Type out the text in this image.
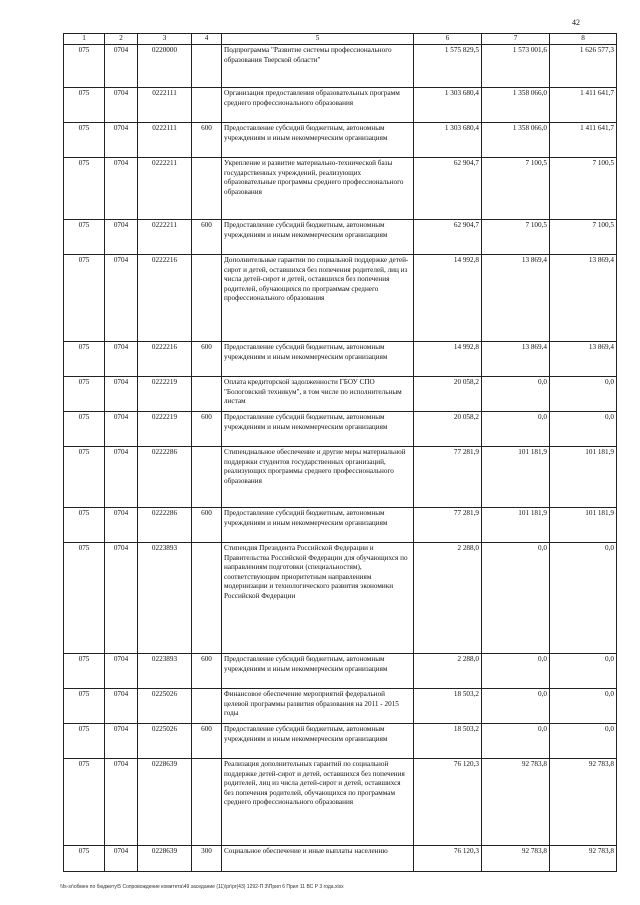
42
1	2	3	4	5	6	7	8
075	0704	0220000		Подпрограмма "Развитие системы профессионального образования Тверской области"	1 575 829,5	1 573 001,6	1 626 577,3
075	0704	0222111		Организация предоставления образовательных программ среднего профессионального образования	1 303 680,4	1 358 066,0	1 411 641,7
075	0704	0222111	600	Предоставление субсидий бюджетным, автономным учреждениям и иным некоммерческим организациям	1 303 680,4	1 358 066,0	1 411 641,7
075	0704	0222211		Укрепление и развитие материально-технической базы государственных учреждений, реализующих образовательные программы среднего профессионального образования	62 904,7	7 100,5	7 100,5
075	0704	0222211	600	Предоставление субсидий бюджетным, автономным учреждениям и иным некоммерческим организациям	62 904,7	7 100,5	7 100,5
075	0704	0222216		Дополнительные гарантии по социальной поддержке детей-сирот и детей, оставшихся без попечения родителей, лиц из числа детей-сирот и детей, оставшихся без попечения родителей, обучающихся по программам среднего профессионального образования	14 992,8	13 869,4	13 869,4
075	0704	0222216	600	Предоставление субсидий бюджетным, автономным учреждениям и иным некоммерческим организациям	14 992,8	13 869,4	13 869,4
075	0704	0222219		Оплата кредиторской задолженности ГБОУ СПО "Бологовский техникум", в том числе по исполнительным листам	20 058,2	0,0	0,0
075	0704	0222219	600	Предоставление субсидий бюджетным, автономным учреждениям и иным некоммерческим организациям	20 058,2	0,0	0,0
075	0704	0222286		Стипендиальное обеспечение и другие меры материальной поддержки студентов государственных организаций, реализующих программы среднего профессионального образования	77 281,9	101 181,9	101 181,9
075	0704	0222286	600	Предоставление субсидий бюджетным, автономным учреждениям и иным некоммерческим организациям	77 281,9	101 181,9	101 181,9
075	0704	0223893		Стипендия Президента Российской Федерации и Правительства Российской Федерации для обучающихся по направлениям подготовки (специальностям), соответствующим приоритетным направлениям модернизации и технологического развития экономики Российской Федерации	2 288,0	0,0	0,0
075	0704	0223893	600	Предоставление субсидий бюджетным, автономным учреждениям и иным некоммерческим организациям	2 288,0	0,0	0,0
075	0704	0225026		Финансовое обеспечение мероприятий федеральной целевой программы развития образования на 2011 - 2015 годы	18 503,2	0,0	0,0
075	0704	0225026	600	Предоставление субсидий бюджетным, автономным учреждениям и иным некоммерческим организациям	18 503,2	0,0	0,0
075	0704	0228639		Реализация дополнительных гарантий по социальной поддержке детей-сирот и детей, оставшихся без попечения родителей, лиц из числа детей-сирот и детей, оставшихся без попечения родителей, обучающихся по программам среднего профессионального образования	76 120,3	92 783,8	92 783,8
075	0704	0228639	300	Социальное обеспечение и иные выплаты населению	76 120,3	92 783,8	92 783,8
\\fs-sr\обмен по бюджету\5 Сопровождение комитета\49 заседание (11)\pr\pr(43) 1292-П 3\Прил 6 Прил 11 ВС Р 3 года.xlsx
